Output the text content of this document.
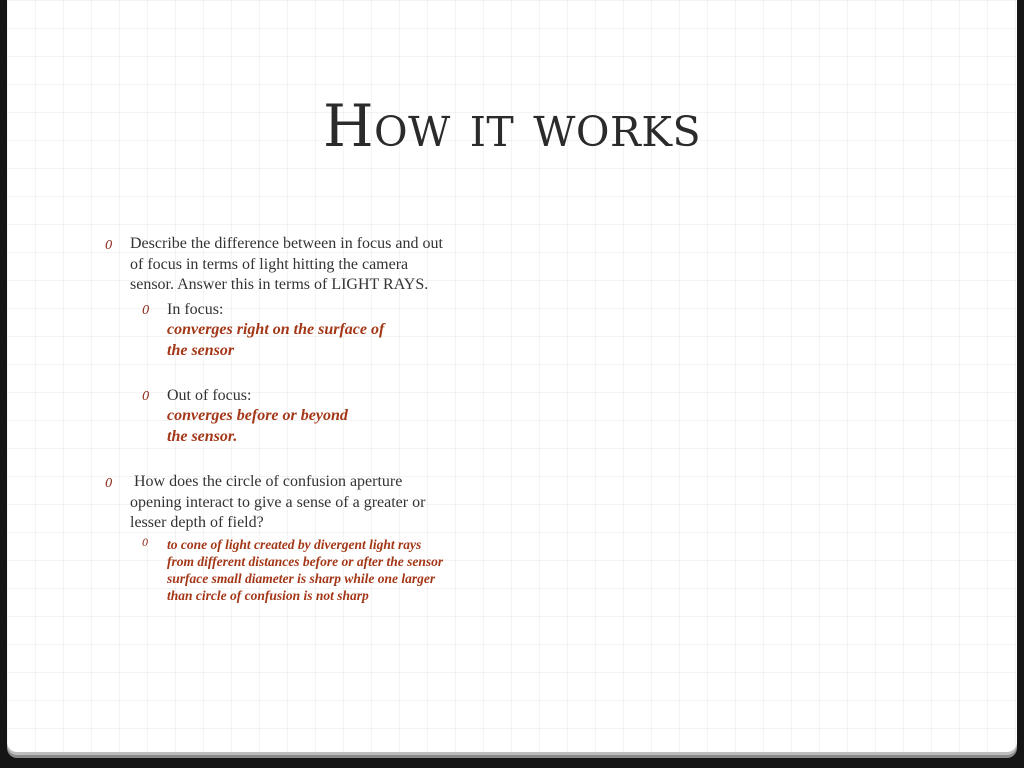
How it works
0 Describe the difference between in focus and out
of focus in terms of light hitting the camera
sensor. Answer this in terms of LIGHT RAYS.
0 In focus:
converges right on the surface of
the sensor
0 Out of focus:
converges before or beyond
the sensor.
0 How does the circle of confusion aperture
opening interact to give a sense of a greater or
lesser depth of field?
0 to cone of light created by divergent light rays
from different distances before or after the sensor
surface small diameter is sharp while one larger
than circle of confusion is not sharp
